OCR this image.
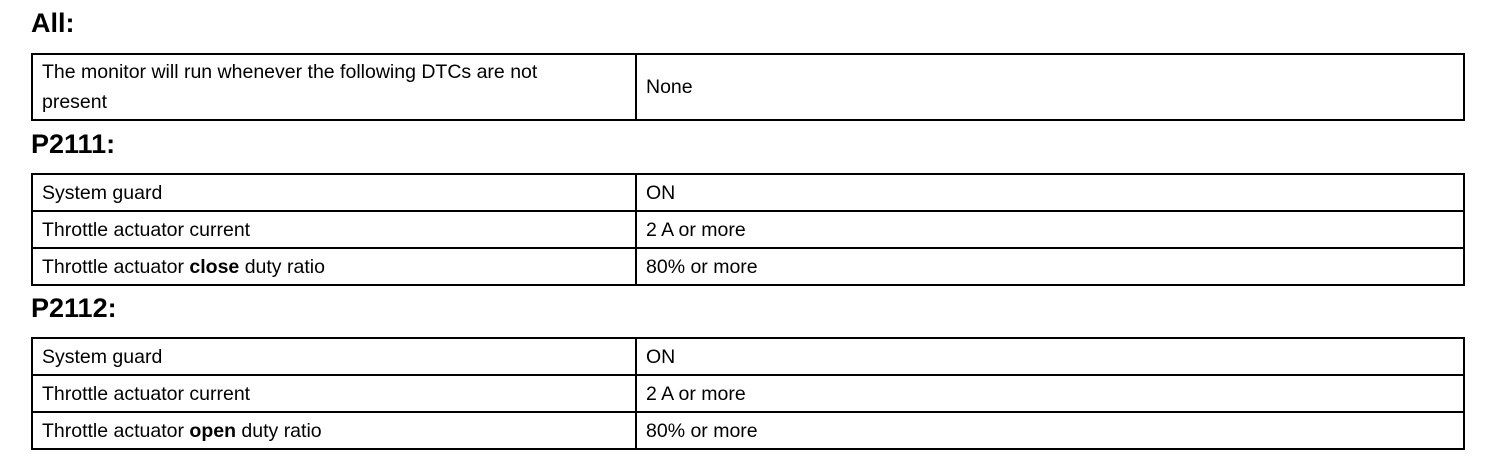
All:
The monitor will run whenever the following DTCs are not present	None
P2111:
System guard	ON
Throttle actuator current	2 A or more
Throttle actuator close duty ratio	80% or more
P2112:
System guard	ON
Throttle actuator current	2 A or more
Throttle actuator open duty ratio	80% or more
